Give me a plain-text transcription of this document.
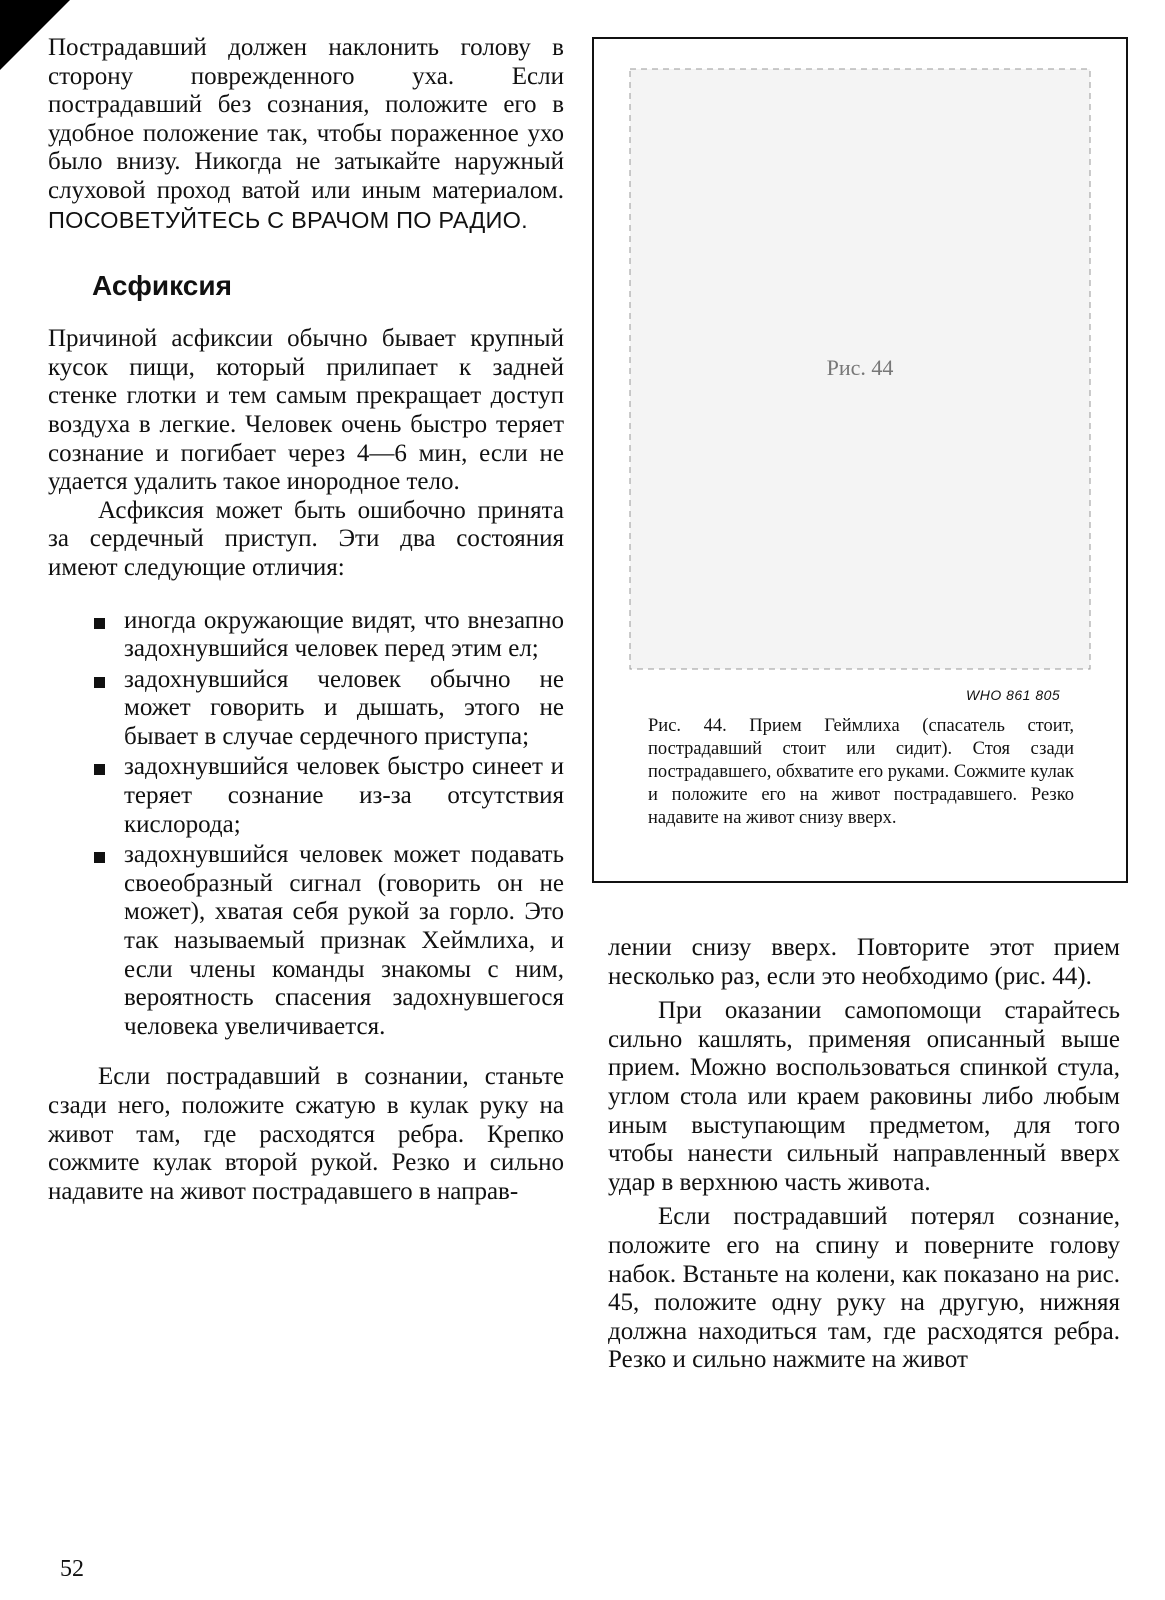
Пострадавший должен наклонить голову в сторону поврежденного уха. Если пострадавший без сознания, положите его в удобное положение так, чтобы пораженное ухо было внизу. Никогда не затыкайте наружный слуховой проход ватой или иным материалом. ПОСОВЕТУЙТЕСЬ С ВРАЧОМ ПО РАДИО.

Асфиксия

Причиной асфиксии обычно бывает крупный кусок пищи, который прилипает к задней стенке глотки и тем самым прекращает доступ воздуха в легкие. Человек очень быстро теряет сознание и погибает через 4—6 мин, если не удается удалить такое инородное тело.

Асфиксия может быть ошибочно принята за сердечный приступ. Эти два состояния имеют следующие отличия:

иногда окружающие видят, что внезапно задохнувшийся человек перед этим ел;
задохнувшийся человек обычно не может говорить и дышать, этого не бывает в случае сердечного приступа;
задохнувшийся человек быстро синеет и теряет сознание из-за отсутствия кислорода;
задохнувшийся человек может подавать своеобразный сигнал (говорить он не может), хватая себя рукой за горло. Это так называемый признак Хеймлиха, и если члены команды знакомы с ним, вероятность спасения задохнувшегося человека увеличивается.

Если пострадавший в сознании, станьте сзади него, положите сжатую в кулак руку на живот там, где расходятся ребра. Крепко сожмите кулак второй рукой. Резко и сильно надавите на живот пострадавшего в направ-

Рис. 44
WHO 861 805
Рис. 44. Прием Геймлиха (спасатель стоит, пострадавший стоит или сидит). Стоя сзади пострадавшего, обхватите его руками. Сожмите кулак и положите его на живот пострадавшего. Резко надавите на живот снизу вверх.

лении снизу вверх. Повторите этот прием несколько раз, если это необходимо (рис. 44).

При оказании самопомощи старайтесь сильно кашлять, применяя описанный выше прием. Можно воспользоваться спинкой стула, углом стола или краем раковины либо любым иным выступающим предметом, для того чтобы нанести сильный направленный вверх удар в верхнюю часть живота.

Если пострадавший потерял сознание, положите его на спину и поверните голову набок. Встаньте на колени, как показано на рис. 45, положите одну руку на другую, нижняя должна находиться там, где расходятся ребра. Резко и сильно нажмите на живот

52
